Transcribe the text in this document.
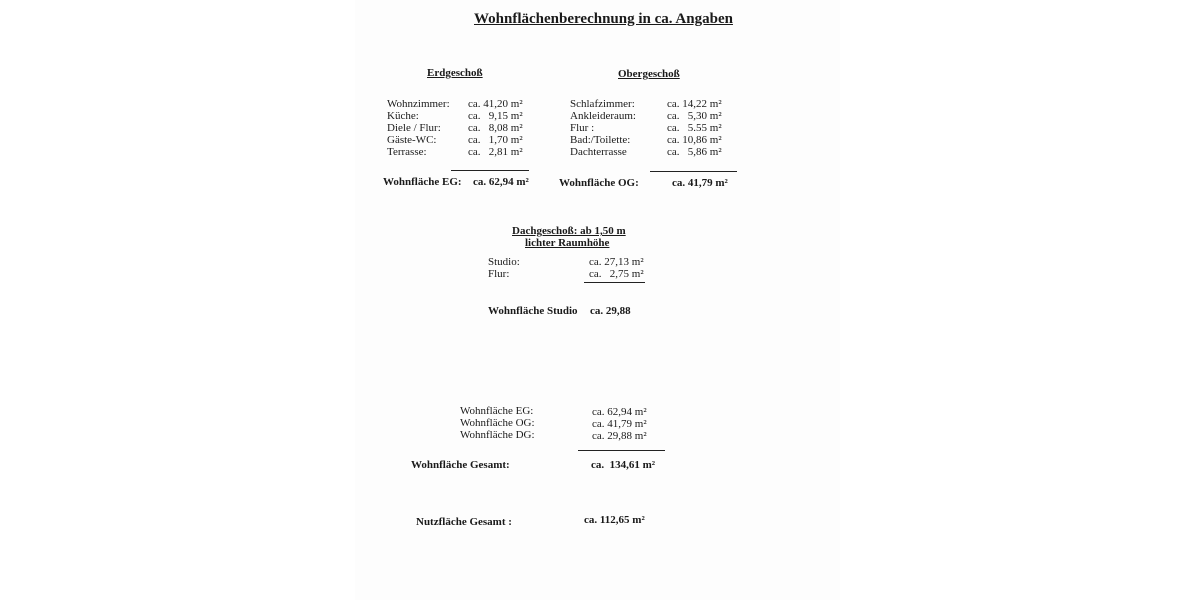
Wohnflächenberechnung in ca. Angaben
Erdgeschoß
Wohnzimmer: ca. 41,20 m²
Küche:	ca.   9,15 m²
Diele / Flur: ca.   8,08 m²
Gäste-WC:	ca.   1,70 m²
Terrasse:	ca.   2,81 m²
Wohnfläche EG: ca. 62,94 m²
Obergeschoß
Schlafzimmer:	ca. 14,22 m²
Ankleideraum:	ca.   5,30 m²
Flur :	ca.   5.55 m²
Bad:/Toilette:	ca. 10,86 m²
Dachterrasse	ca.   5,86 m²
Wohnfläche OG:	ca. 41,79 m²
Dachgeschoß: ab 1,50 m
lichter Raumhöhe
Studio:	ca. 27,13 m²
Flur:	ca.   2,75 m²
Wohnfläche Studio ca. 29,88
Wohnfläche EG:	ca. 62,94 m²
Wohnfläche OG:	ca. 41,79 m²
Wohnfläche DG:	ca. 29,88 m²
Wohnfläche Gesamt:	ca.  134,61 m²
Nutzfläche Gesamt :	ca. 112,65 m²
